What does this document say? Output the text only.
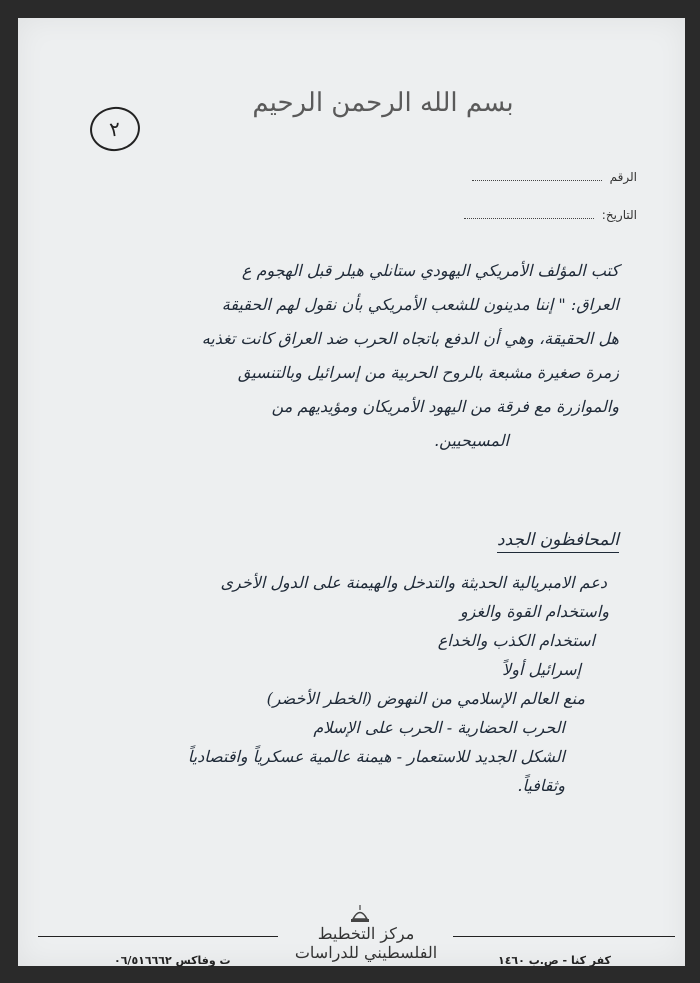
بسم الله الرحمن الرحيم
٢
الرقم
التاريخ:
كتب المؤلف الأمريكي اليهودي ستانلي هيلر قبل الهجوم ع
العراق: " إننا مدينون للشعب الأمريكي بأن نقول لهم الحقيقة
هل الحقيقة، وهي أن الدفع باتجاه الحرب ضد العراق كانت تغذيه
زمرة صغيرة مشبعة بالروح الحربية من إسرائيل وبالتنسيق
والموازرة مع فرقة من اليهود الأمريكان ومؤيديهم من
المسيحيين.
المحافظون الجدد
دعم الامبريالية الحديثة والتدخل والهيمنة على الدول الأخرى
واستخدام القوة والغزو
استخدام الكذب والخداع
إسرائيل أولاً
منع العالم الإسلامي من النهوض (الخطر الأخضر)
الحرب الحضارية - الحرب على الإسلام
الشكل الجديد للاستعمار - هيمنة عالمية عسكرياً واقتصادياً
وثقافياً.
مركز التخطيط الفلسطيني للدراسات
ت وفاكس ٠٦/٥١٦٦٦٢	كفر كنا - ص.ب ١٤٦٠
